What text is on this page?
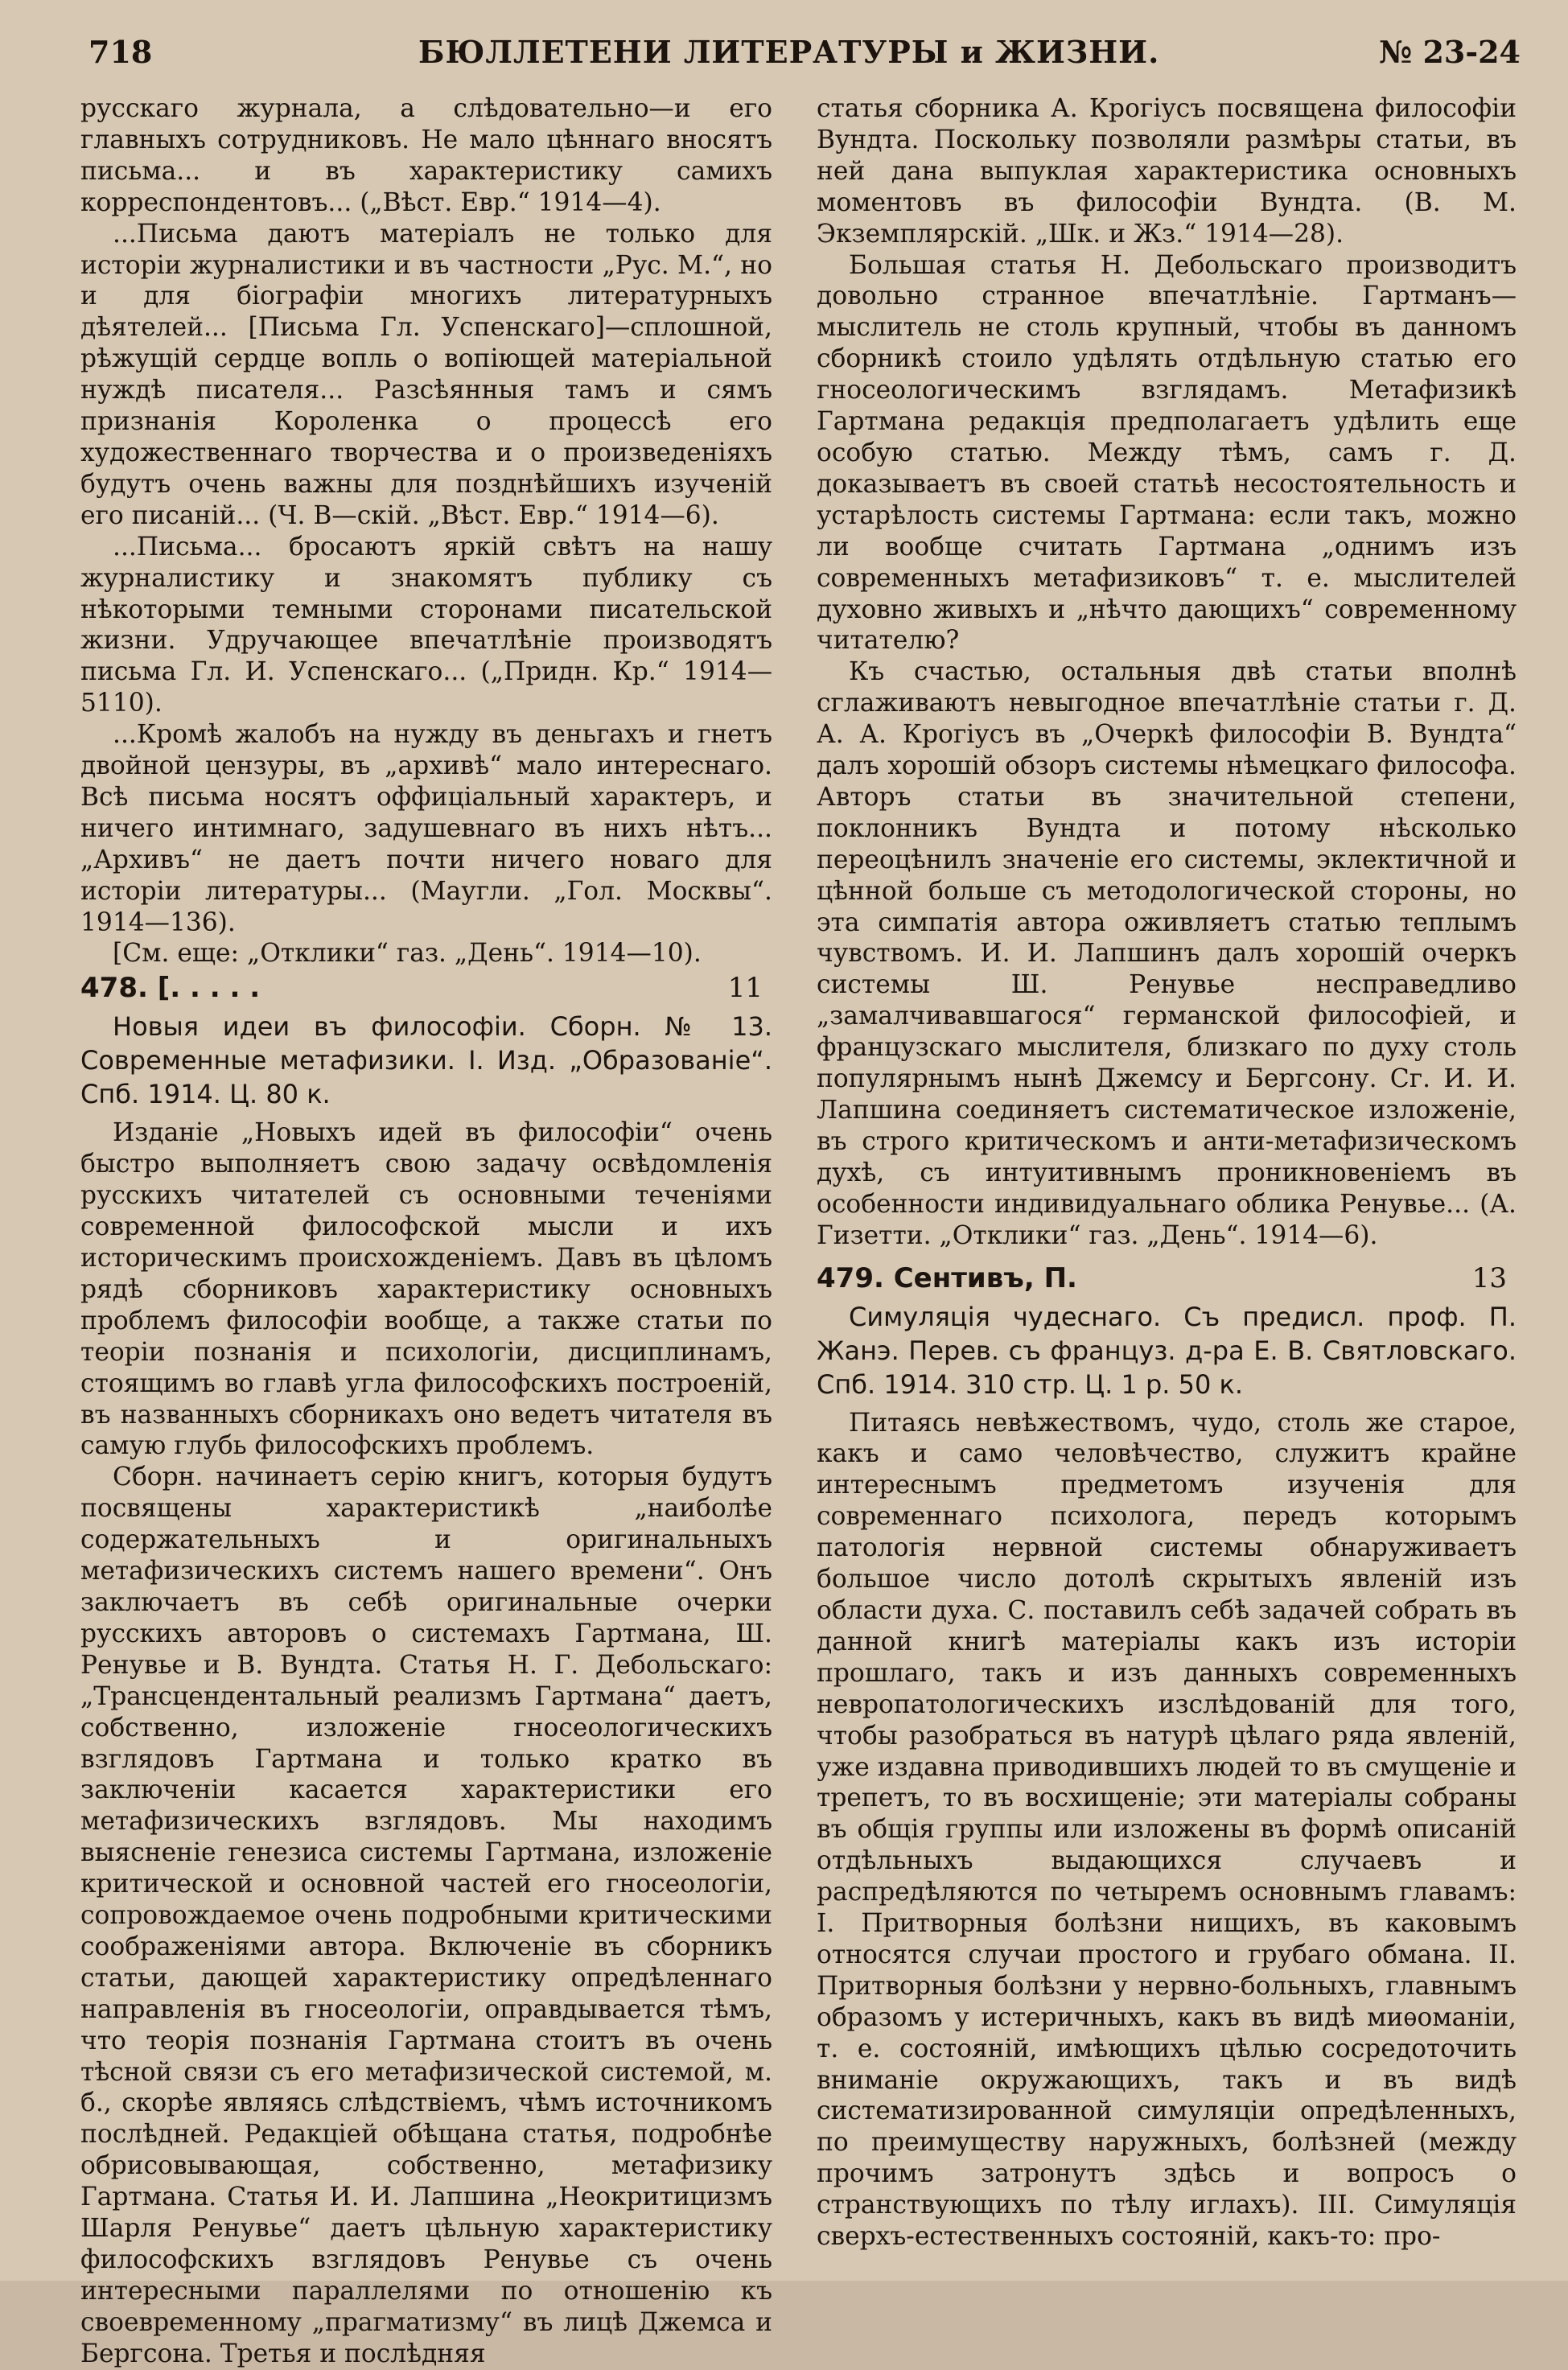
718	БЮЛЛЕТЕНИ ЛИТЕРАТУРЫ и ЖИЗНИ.	№ 23-24

русскаго журнала, а слѣдовательно—и его главныхъ сотрудниковъ. Не мало цѣннаго вносятъ письма... и въ характеристику самихъ корреспондентовъ... („Вѣст. Евр.“ 1914—4).

...Письма даютъ матеріалъ не только для исторіи журналистики и въ частности „Рус. М.“, но и для біографіи многихъ литературныхъ дѣятелей... [Письма Гл. Успенскаго]—сплошной, рѣжущій сердце вопль о вопіющей матеріальной нуждѣ писателя... Разсѣянныя тамъ и сямъ признанія Короленка о процессѣ его художественнаго творчества и о произведеніяхъ будутъ очень важны для позднѣйшихъ изученій его писаній... (Ч. В—скій. „Вѣст. Евр.“ 1914—6).

...Письма... бросаютъ яркій свѣтъ на нашу журналистику и знакомятъ публику съ нѣкоторыми темными сторонами писательской жизни. Удручающее впечатлѣніе производятъ письма Гл. И. Успенскаго... („Придн. Кр.“ 1914—5110).

...Кромѣ жалобъ на нужду въ деньгахъ и гнетъ двойной цензуры, въ „архивѣ“ мало интереснаго. Всѣ письма носятъ оффиціальный характеръ, и ничего интимнаго, задушевнаго въ нихъ нѣтъ... „Архивъ“ не даетъ почти ничего новаго для исторіи литературы... (Маугли. „Гол. Москвы“. 1914—136).

[См. еще: „Отклики“ газ. „День“. 1914—10).

478. [. . . . .	11
Новыя идеи въ философіи. Сборн. № 13. Современные метафизики. I. Изд. „Образованіе“. Спб. 1914. Ц. 80 к.

Изданіе „Новыхъ идей въ философіи“ очень быстро выполняетъ свою задачу освѣдомленія русскихъ читателей съ основными теченіями современной философской мысли и ихъ историческимъ происхожденіемъ. Давъ въ цѣломъ рядѣ сборниковъ характеристику основныхъ проблемъ философіи вообще, а также статьи по теоріи познанія и психологіи, дисциплинамъ, стоящимъ во главѣ угла философскихъ построеній, въ названныхъ сборникахъ оно ведетъ читателя въ самую глубь философскихъ проблемъ.

Сборн. начинаетъ серію книгъ, которыя будутъ посвящены характеристикѣ „наиболѣе содержательныхъ и оригинальныхъ метафизическихъ системъ нашего времени“. Онъ заключаетъ въ себѣ оригинальные очерки русскихъ авторовъ о системахъ Гартмана, Ш. Ренувье и В. Вундта. Статья Н. Г. Дебольскаго: „Трансцендентальный реализмъ Гартмана“ даетъ, собственно, изложеніе гносеологическихъ взглядовъ Гартмана и только кратко въ заключеніи касается характеристики его метафизическихъ взглядовъ. Мы находимъ выясненіе генезиса системы Гартмана, изложеніе критической и основной частей его гносеологіи, сопровождаемое очень подробными критическими соображеніями автора. Включеніе въ сборникъ статьи, дающей характеристику опредѣленнаго направленія въ гносеологіи, оправдывается тѣмъ, что теорія познанія Гартмана стоитъ въ очень тѣсной связи съ его метафизической системой, м. б., скорѣе являясь слѣдствіемъ, чѣмъ источникомъ послѣдней. Редакціей обѣщана статья, подробнѣе обрисовывающая, собственно, метафизику Гартмана. Статья И. И. Лапшина „Неокритицизмъ Шарля Ренувье“ даетъ цѣльную характеристику философскихъ взглядовъ Ренувье съ очень интересными параллелями по отношенію къ своевременному „прагматизму“ въ лицѣ Джемса и Бергсона. Третья и послѣдняя

статья сборника А. Крогіусъ посвящена философіи Вундта. Поскольку позволяли размѣры статьи, въ ней дана выпуклая характеристика основныхъ моментовъ въ философіи Вундта. (В. М. Экземплярскій. „Шк. и Жз.“ 1914—28).

Большая статья Н. Дебольскаго производитъ довольно странное впечатлѣніе. Гартманъ—мыслитель не столь крупный, чтобы въ данномъ сборникѣ стоило удѣлять отдѣльную статью его гносеологическимъ взглядамъ. Метафизикѣ Гартмана редакція предполагаетъ удѣлить еще особую статью. Между тѣмъ, самъ г. Д. доказываетъ въ своей статьѣ несостоятельность и устарѣлость системы Гартмана: если такъ, можно ли вообще считать Гартмана „однимъ изъ современныхъ метафизиковъ“ т. е. мыслителей духовно живыхъ и „нѣчто дающихъ“ современному читателю?

Къ счастью, остальныя двѣ статьи вполнѣ сглаживаютъ невыгодное впечатлѣніе статьи г. Д. А. А. Крогіусъ въ „Очеркѣ философіи В. Вундта“ далъ хорошій обзоръ системы нѣмецкаго философа. Авторъ статьи въ значительной степени, поклонникъ Вундта и потому нѣсколько переоцѣнилъ значеніе его системы, эклектичной и цѣнной больше съ методологической стороны, но эта симпатія автора оживляетъ статью теплымъ чувствомъ. И. И. Лапшинъ далъ хорошій очеркъ системы Ш. Ренувье несправедливо „замалчивавшагося“ германской философіей, и французскаго мыслителя, близкаго по духу столь популярнымъ нынѣ Джемсу и Бергсону. Сг. И. И. Лапшина соединяетъ систематическое изложеніе, въ строго критическомъ и анти-метафизическомъ духѣ, съ интуитивнымъ проникновеніемъ въ особенности индивидуальнаго облика Ренувье... (А. Гизетти. „Отклики“ газ. „День“. 1914—6).

479. Сентивъ, П.	13
Симуляція чудеснаго. Съ предисл. проф. П. Жанэ. Перев. съ француз. д-ра Е. В. Святловскаго. Спб. 1914. 310 стр. Ц. 1 р. 50 к.

Питаясь невѣжествомъ, чудо, столь же старое, какъ и само человѣчество, служитъ крайне интереснымъ предметомъ изученія для современнаго психолога, передъ которымъ патологія нервной системы обнаруживаетъ большое число дотолѣ скрытыхъ явленій изъ области духа. С. поставилъ себѣ задачей собрать въ данной книгѣ матеріалы какъ изъ исторіи прошлаго, такъ и изъ данныхъ современныхъ невропатологическихъ изслѣдованій для того, чтобы разобраться въ натурѣ цѣлаго ряда явленій, уже издавна приводившихъ людей то въ смущеніе и трепетъ, то въ восхищеніе; эти матеріалы собраны въ общія группы или изложены въ формѣ описаній отдѣльныхъ выдающихся случаевъ и распредѣляются по четыремъ основнымъ главамъ: I. Притворныя болѣзни нищихъ, въ каковымъ относятся случаи простого и грубаго обмана. II. Притворныя болѣзни у нервно-больныхъ, главнымъ образомъ у истеричныхъ, какъ въ видѣ миѳоманіи, т. е. состояній, имѣющихъ цѣлью сосредоточить вниманіе окружающихъ, такъ и въ видѣ систематизированной симуляціи опредѣленныхъ, по преимуществу наружныхъ, болѣзней (между прочимъ затронутъ здѣсь и вопросъ о странствующихъ по тѣлу иглахъ). III. Симуляція сверхъ-естественныхъ состояній, какъ-то: про-
